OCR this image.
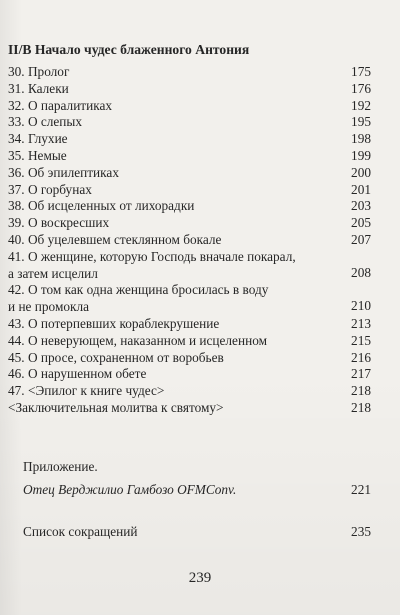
II/B Начало чудес блаженного Антония
30. Пролог	175
31. Калеки	176
32. О паралитиках	192
33. О слепых	195
34. Глухие	198
35. Немые	199
36. Об эпилептиках	200
37. О горбунах	201
38. Об исцеленных от лихорадки	203
39. О воскресших	205
40. Об уцелевшем стеклянном бокале	207
41. О женщине, которую Господь вначале покарал,
а затем исцелил	208
42. О том как одна женщина бросилась в воду
и не промокла	210
43. О потерпевших кораблекрушение	213
44. О неверующем, наказанном и исцеленном	215
45. О просе, сохраненном от воробьев	216
46. О нарушенном обете	217
47. <Эпилог к книге чудес>	218
<Заключительная молитва к святому>	218
Приложение.
Отец Верджилио Гамбозо OFMConv.	221
Список сокращений	235
239
